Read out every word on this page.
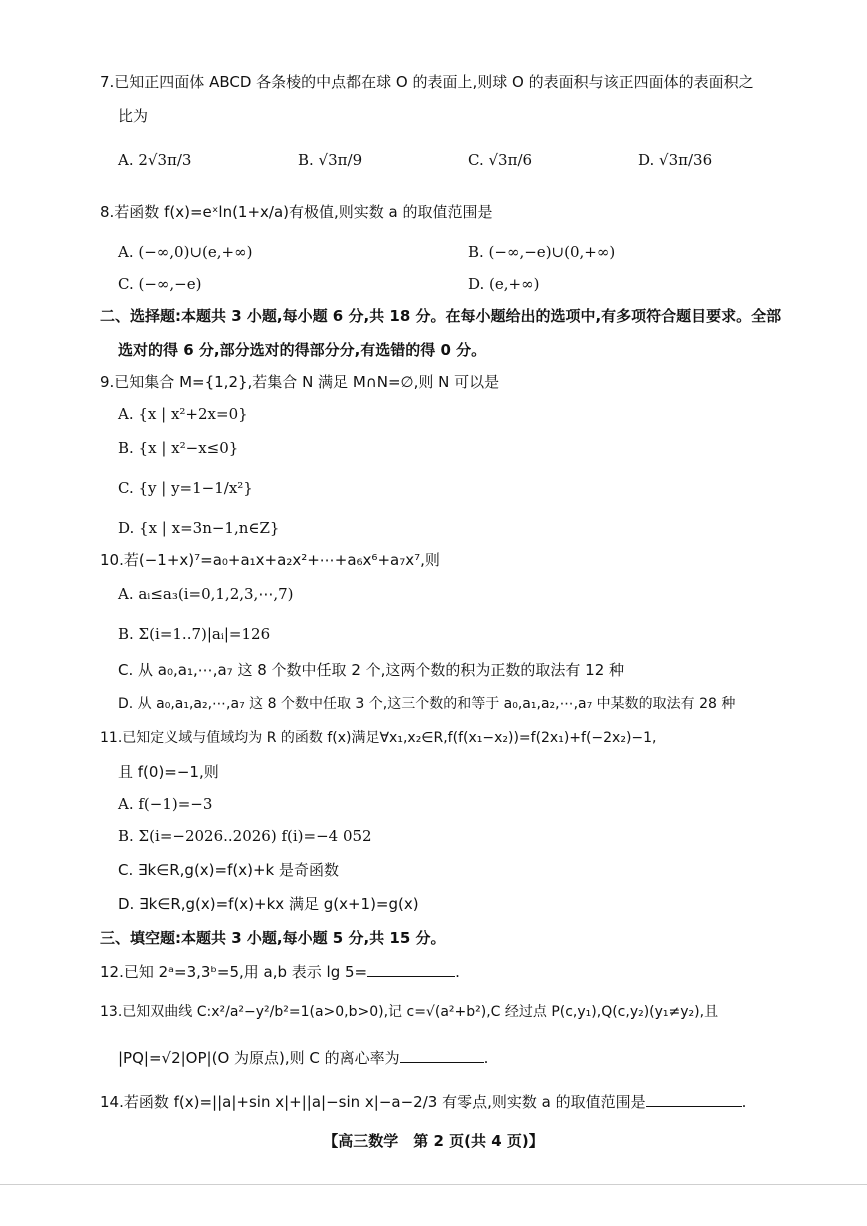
7.已知正四面体 ABCD 各条棱的中点都在球 O 的表面上,则球 O 的表面积与该正四面体的表面积之
比为
A. 2√3π/3	B. √3π/9	C. √3π/6	D. √3π/36
8.若函数 f(x)=eˣln(1+x/a)有极值,则实数 a 的取值范围是
A. (−∞,0)∪(e,+∞)	B. (−∞,−e)∪(0,+∞)
C. (−∞,−e)	D. (e,+∞)
二、选择题:本题共 3 小题,每小题 6 分,共 18 分。在每小题给出的选项中,有多项符合题目要求。全部
选对的得 6 分,部分选对的得部分分,有选错的得 0 分。
9.已知集合 M={1,2},若集合 N 满足 M∩N=∅,则 N 可以是
A. {x | x²+2x=0}
B. {x | x²−x≤0}
C. {y | y=1−1/x²}
D. {x | x=3n−1,n∈Z}
10.若(−1+x)⁷=a₀+a₁x+a₂x²+⋯+a₆x⁶+a₇x⁷,则
A. aᵢ≤a₃(i=0,1,2,3,⋯,7)
B. Σ(i=1..7)|aᵢ|=126
C. 从 a₀,a₁,⋯,a₇ 这 8 个数中任取 2 个,这两个数的积为正数的取法有 12 种
D. 从 a₀,a₁,a₂,⋯,a₇ 这 8 个数中任取 3 个,这三个数的和等于 a₀,a₁,a₂,⋯,a₇ 中某数的取法有 28 种
11.已知定义域与值域均为 R 的函数 f(x)满足∀x₁,x₂∈R,f(f(x₁−x₂))=f(2x₁)+f(−2x₂)−1,
且 f(0)=−1,则
A. f(−1)=−3
B. Σ(i=−2026..2026) f(i)=−4 052
C. ∃k∈R,g(x)=f(x)+k 是奇函数
D. ∃k∈R,g(x)=f(x)+kx 满足 g(x+1)=g(x)
三、填空题:本题共 3 小题,每小题 5 分,共 15 分。
12.已知 2ᵃ=3,3ᵇ=5,用 a,b 表示 lg 5=	.
13.已知双曲线 C:x²/a²−y²/b²=1(a>0,b>0),记 c=√(a²+b²),C 经过点 P(c,y₁),Q(c,y₂)(y₁≠y₂),且
|PQ|=√2|OP|(O 为原点),则 C 的离心率为	.
14.若函数 f(x)=||a|+sin x|+||a|−sin x|−a−2/3 有零点,则实数 a 的取值范围是	.
【高三数学　第 2 页(共 4 页)】
